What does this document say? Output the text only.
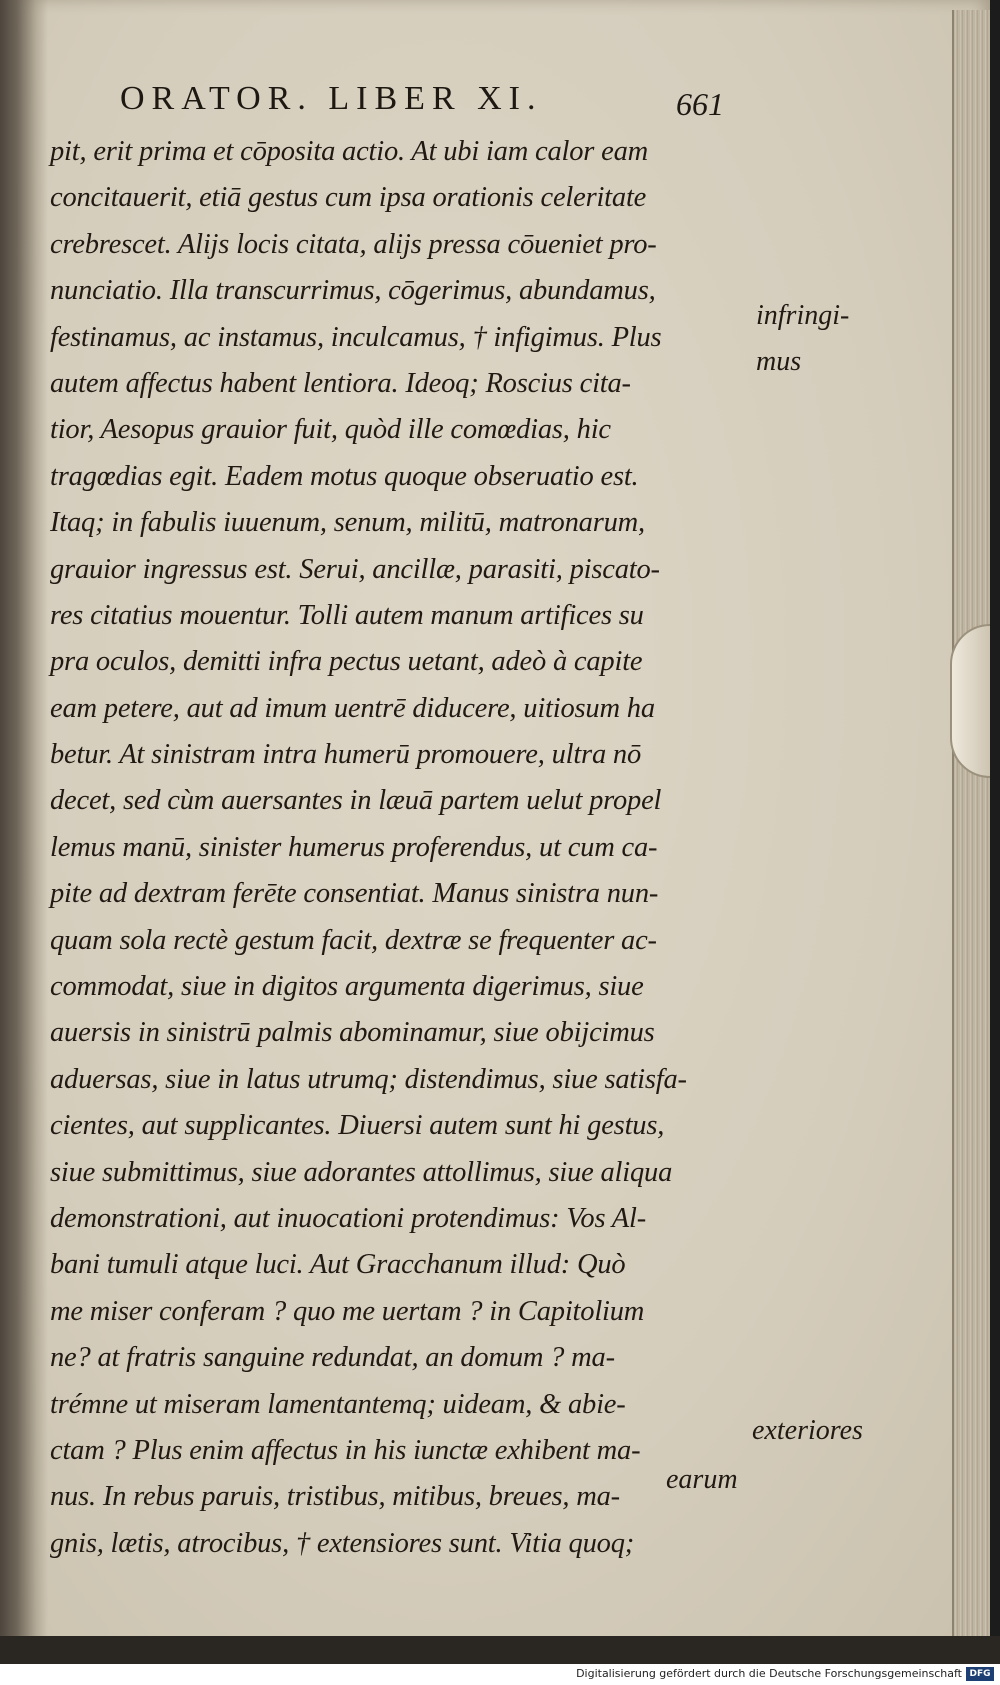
ORATOR. LIBER XI.	661
pit, erit prima et cōposita actio. At ubi iam calor eam
concitauerit, etiā gestus cum ipsa orationis celeritate
crebrescet. Alijs locis citata, alijs pressa cōueniet pro-
nunciatio. Illa transcurrimus, cōgerimus, abundamus,
festinamus, ac instamus, inculcamus, † infigimus. Plus
autem affectus habent lentiora. Ideoq; Roscius cita-
tior, Aesopus grauior fuit, quòd ille comœdias, hic
tragœdias egit. Eadem motus quoque obseruatio est.
Itaq; in fabulis iuuenum, senum, militū, matronarum,
grauior ingressus est. Serui, ancillæ, parasiti, piscato-
res citatius mouentur. Tolli autem manum artifices su
pra oculos, demitti infra pectus uetant, adeò à capite
eam petere, aut ad imum uentrē diducere, uitiosum ha
betur. At sinistram intra humerū promouere, ultra nō
decet, sed cùm auersantes in læuā partem uelut propel
lemus manū, sinister humerus proferendus, ut cum ca-
pite ad dextram ferēte consentiat. Manus sinistra nun-
quam sola rectè gestum facit, dextræ se frequenter ac-
commodat, siue in digitos argumenta digerimus, siue
auersis in sinistrū palmis abominamur, siue obijcimus
aduersas, siue in latus utrumq; distendimus, siue satisfa-
cientes, aut supplicantes. Diuersi autem sunt hi gestus,
siue submittimus, siue adorantes attollimus, siue aliqua
demonstrationi, aut inuocationi protendimus: Vos Al-
bani tumuli atque luci. Aut Gracchanum illud: Quò
me miser conferam ? quo me uertam ? in Capitolium
ne? at fratris sanguine redundat, an domum ? ma-
trémne ut miseram lamentantemq; uideam, & abie-
ctam ? Plus enim affectus in his iunctæ exhibent ma-
nus. In rebus paruis, tristibus, mitibus, breues, ma-
gnis, lætis, atrocibus, † extensiores sunt. Vitia quoq;
infringi-
mus
exteriores
earum
Digitalisierung gefördert durch die Deutsche Forschungsgemeinschaft DFG
